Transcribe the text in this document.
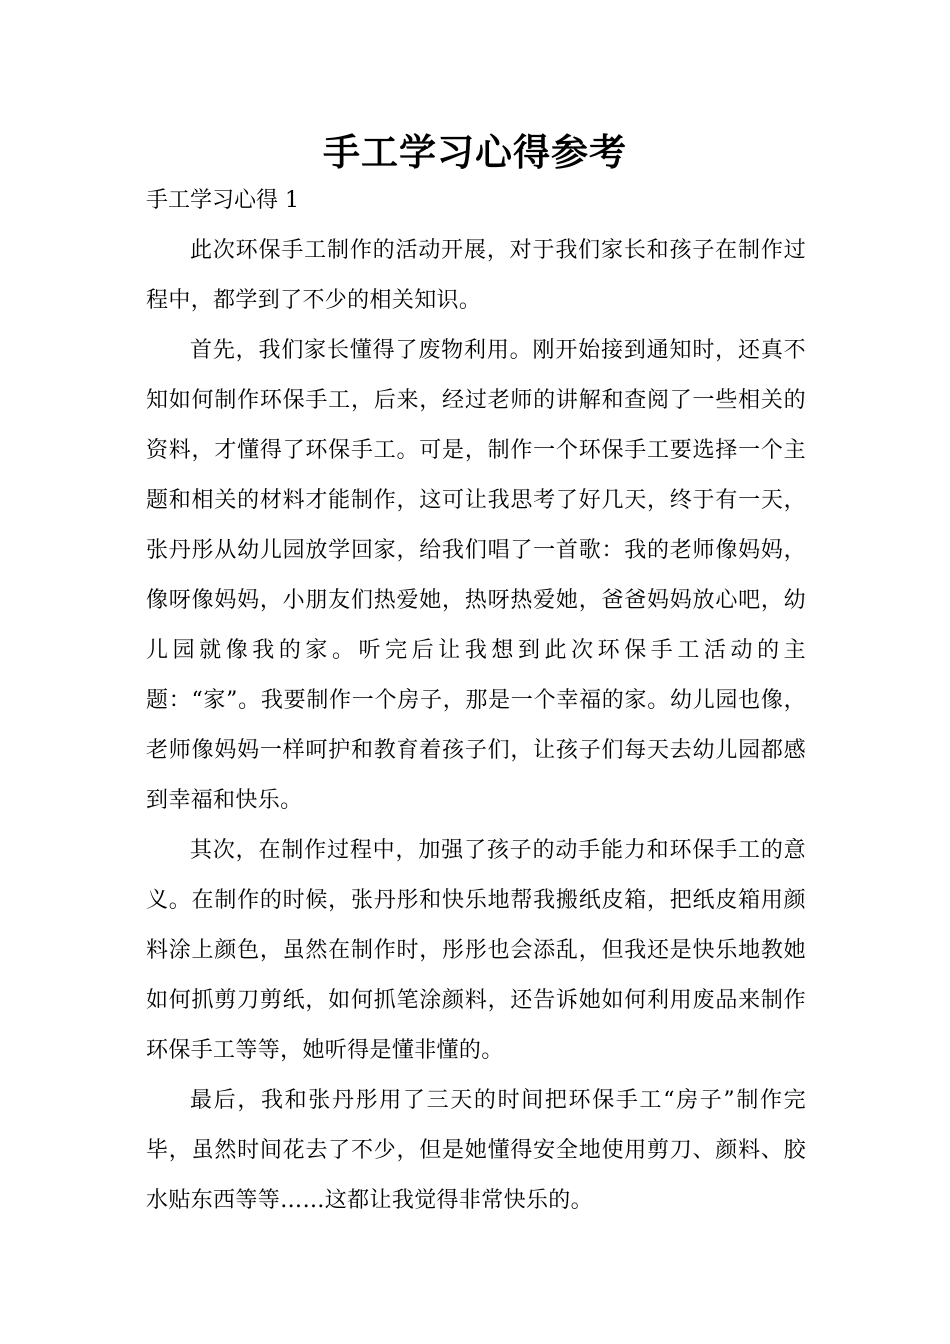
手工学习心得参考

手工学习心得 1

此次环保手工制作的活动开展，对于我们家长和孩子在制作过程中，都学到了不少的相关知识。

首先，我们家长懂得了废物利用。刚开始接到通知时，还真不知如何制作环保手工，后来，经过老师的讲解和查阅了一些相关的资料，才懂得了环保手工。可是，制作一个环保手工要选择一个主题和相关的材料才能制作，这可让我思考了好几天，终于有一天，张丹彤从幼儿园放学回家，给我们唱了一首歌：我的老师像妈妈，像呀像妈妈，小朋友们热爱她，热呀热爱她，爸爸妈妈放心吧，幼儿园就像我的家。听完后让我想到此次环保手工活动的主题：“家”。我要制作一个房子，那是一个幸福的家。幼儿园也像，老师像妈妈一样呵护和教育着孩子们，让孩子们每天去幼儿园都感到幸福和快乐。

其次，在制作过程中，加强了孩子的动手能力和环保手工的意义。在制作的时候，张丹彤和快乐地帮我搬纸皮箱，把纸皮箱用颜料涂上颜色，虽然在制作时，彤彤也会添乱，但我还是快乐地教她如何抓剪刀剪纸，如何抓笔涂颜料，还告诉她如何利用废品来制作环保手工等等，她听得是懂非懂的。

最后，我和张丹彤用了三天的时间把环保手工“房子”制作完毕，虽然时间花去了不少，但是她懂得安全地使用剪刀、颜料、胶水贴东西等等……这都让我觉得非常快乐的。
